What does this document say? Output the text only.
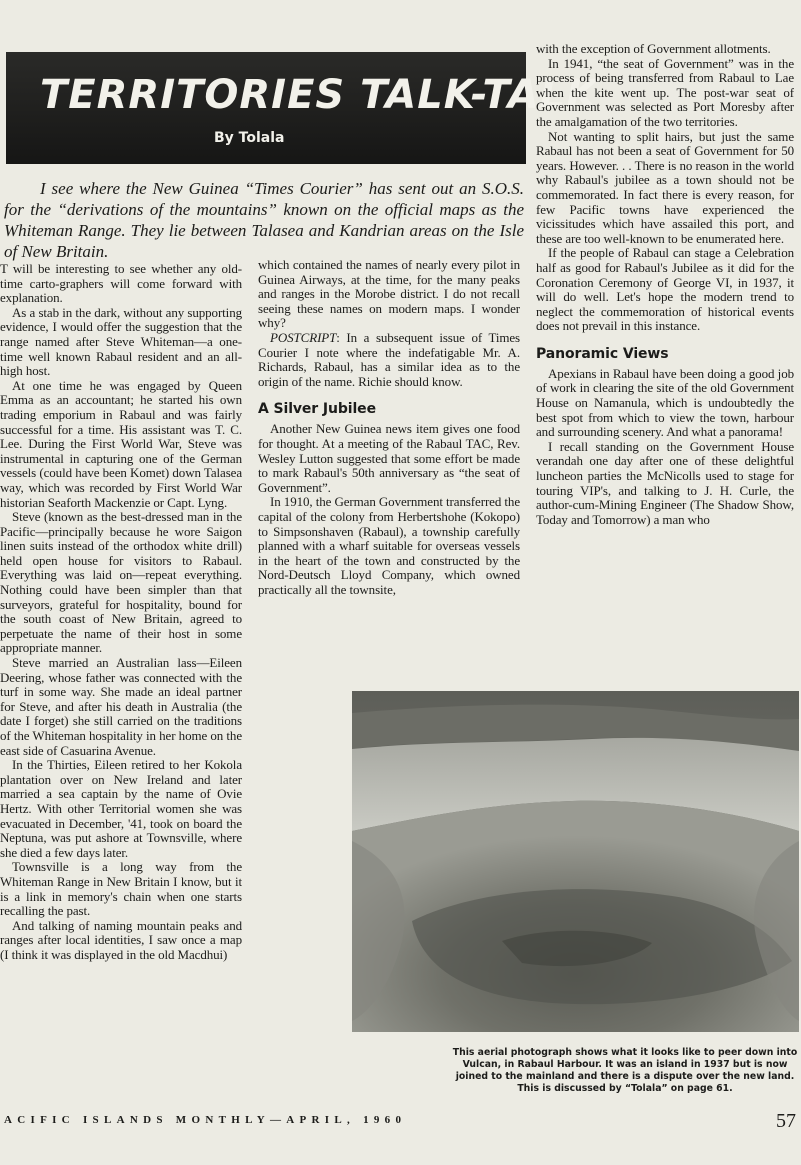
TERRITORIES TALK-TALK
By Tolala

I see where the New Guinea “Times Courier” has sent out an S.O.S. for the “derivations of the mountains” known on the official maps as the Whiteman Range. They lie between Talasea and Kandrian areas on the Isle of New Britain.

T will be interesting to see whether any old-time carto-graphers will come forward with explanation.

As a stab in the dark, without any supporting evidence, I would offer the suggestion that the range named after Steve Whiteman—a one-time well known Rabaul resident and an all-high host.

At one time he was engaged by Queen Emma as an accountant; he started his own trading emporium in Rabaul and was fairly successful for a time. His assistant was T. C. Lee. During the First World War, Steve was instrumental in capturing one of the German vessels (could have been Komet) down Talasea way, which was recorded by First World War historian Seaforth Mackenzie or Capt. Lyng.

Steve (known as the best-dressed man in the Pacific—principally because he wore Saigon linen suits instead of the orthodox white drill) held open house for visitors to Rabaul. Everything was laid on—repeat everything. Nothing could have been simpler than that surveyors, grateful for hospitality, bound for the south coast of New Britain, agreed to perpetuate the name of their host in some appropriate manner.

Steve married an Australian lass—Eileen Deering, whose father was connected with the turf in some way. She made an ideal partner for Steve, and after his death in Australia (the date I forget) she still carried on the traditions of the Whiteman hospitality in her home on the east side of Casuarina Avenue.

In the Thirties, Eileen retired to her Kokola plantation over on New Ireland and later married a sea captain by the name of Ovie Hertz. With other Territorial women she was evacuated in December, '41, took on board the Neptuna, was put ashore at Townsville, where she died a few days later.

Townsville is a long way from the Whiteman Range in New Britain I know, but it is a link in memory's chain when one starts recalling the past.

And talking of naming mountain peaks and ranges after local identities, I saw once a map (I think it was displayed in the old Macdhui)

which contained the names of nearly every pilot in Guinea Airways, at the time, for the many peaks and ranges in the Morobe district. I do not recall seeing these names on modern maps. I wonder why?

POSTCRIPT: In a subsequent issue of Times Courier I note where the indefatigable Mr. A. Richards, Rabaul, has a similar idea as to the origin of the name. Richie should know.

A Silver Jubilee

Another New Guinea news item gives one food for thought. At a meeting of the Rabaul TAC, Rev. Wesley Lutton suggested that some effort be made to mark Rabaul's 50th anniversary as “the seat of Government”.

In 1910, the German Government transferred the capital of the colony from Herbertshohe (Kokopo) to Simpsonshaven (Rabaul), a township carefully planned with a wharf suitable for overseas vessels in the heart of the town and constructed by the Nord-Deutsch Lloyd Company, which owned practically all the townsite,

with the exception of Government allotments.

In 1941, “the seat of Government” was in the process of being transferred from Rabaul to Lae when the kite went up. The post-war seat of Government was selected as Port Moresby after the amalgamation of the two territories.

Not wanting to split hairs, but just the same Rabaul has not been a seat of Government for 50 years. However. . . There is no reason in the world why Rabaul's jubilee as a town should not be commemorated. In fact there is every reason, for few Pacific towns have experienced the vicissitudes which have assailed this port, and these are too well-known to be enumerated here.

If the people of Rabaul can stage a Celebration half as good for Rabaul's Jubilee as it did for the Coronation Ceremony of George VI, in 1937, it will do well. Let's hope the modern trend to neglect the commemoration of historical events does not prevail in this instance.

Panoramic Views

Apexians in Rabaul have been doing a good job of work in clearing the site of the old Government House on Namanula, which is undoubtedly the best spot from which to view the town, harbour and surrounding scenery. And what a panorama!

I recall standing on the Government House verandah one day after one of these delightful luncheon parties the McNicolls used to stage for touring VIP's, and talking to J. H. Curle, the author-cum-Mining Engineer (The Shadow Show, Today and Tomorrow) a man who

This aerial photograph shows what it looks like to peer down into Vulcan, in Rabaul Harbour. It was an island in 1937 but is now joined to the mainland and there is a dispute over the new land. This is discussed by “Tolala” on page 61.

ACIFIC ISLANDS MONTHLY—APRIL, 1960	57
